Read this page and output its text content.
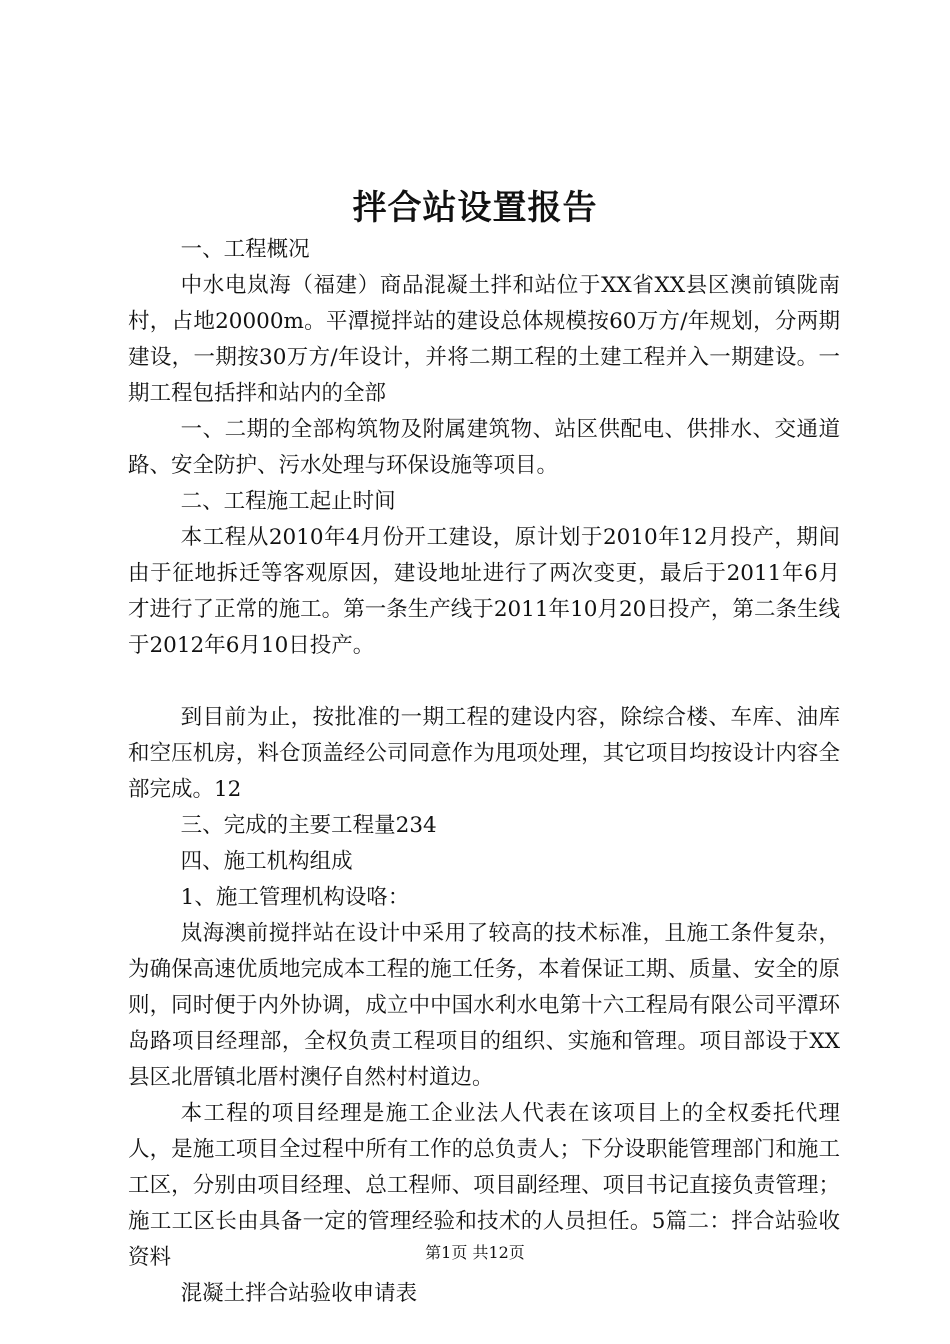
拌合站设置报告

一、工程概况

中水电岚海（福建）商品混凝土拌和站位于XX省XX县区澳前镇陇南村，占地20000m。平潭搅拌站的建设总体规模按60万方/年规划，分两期建设，一期按30万方/年设计，并将二期工程的土建工程并入一期建设。一期工程包括拌和站内的全部

一、二期的全部构筑物及附属建筑物、站区供配电、供排水、交通道路、安全防护、污水处理与环保设施等项目。

二、工程施工起止时间

本工程从2010年4月份开工建设，原计划于2010年12月投产，期间由于征地拆迁等客观原因，建设地址进行了两次变更，最后于2011年6月才进行了正常的施工。第一条生产线于2011年10月20日投产，第二条生线于2012年6月10日投产。

到目前为止，按批准的一期工程的建设内容，除综合楼、车库、油库和空压机房，料仓顶盖经公司同意作为甩项处理，其它项目均按设计内容全部完成。12

三、完成的主要工程量234

四、施工机构组成

1、施工管理机构设咯：

岚海澳前搅拌站在设计中采用了较高的技术标准，且施工条件复杂，为确保高速优质地完成本工程的施工任务，本着保证工期、质量、安全的原则，同时便于内外协调，成立中中国水利水电第十六工程局有限公司平潭环岛路项目经理部，全权负责工程项目的组织、实施和管理。项目部设于XX县区北厝镇北厝村澳仔自然村村道边。

本工程的项目经理是施工企业法人代表在该项目上的全权委托代理人，是施工项目全过程中所有工作的总负责人；下分设职能管理部门和施工工区，分别由项目经理、总工程师、项目副经理、项目书记直接负责管理；施工工区长由具备一定的管理经验和技术的人员担任。5篇二：拌合站验收资料

混凝土拌合站验收申请表

第1页 共12页
